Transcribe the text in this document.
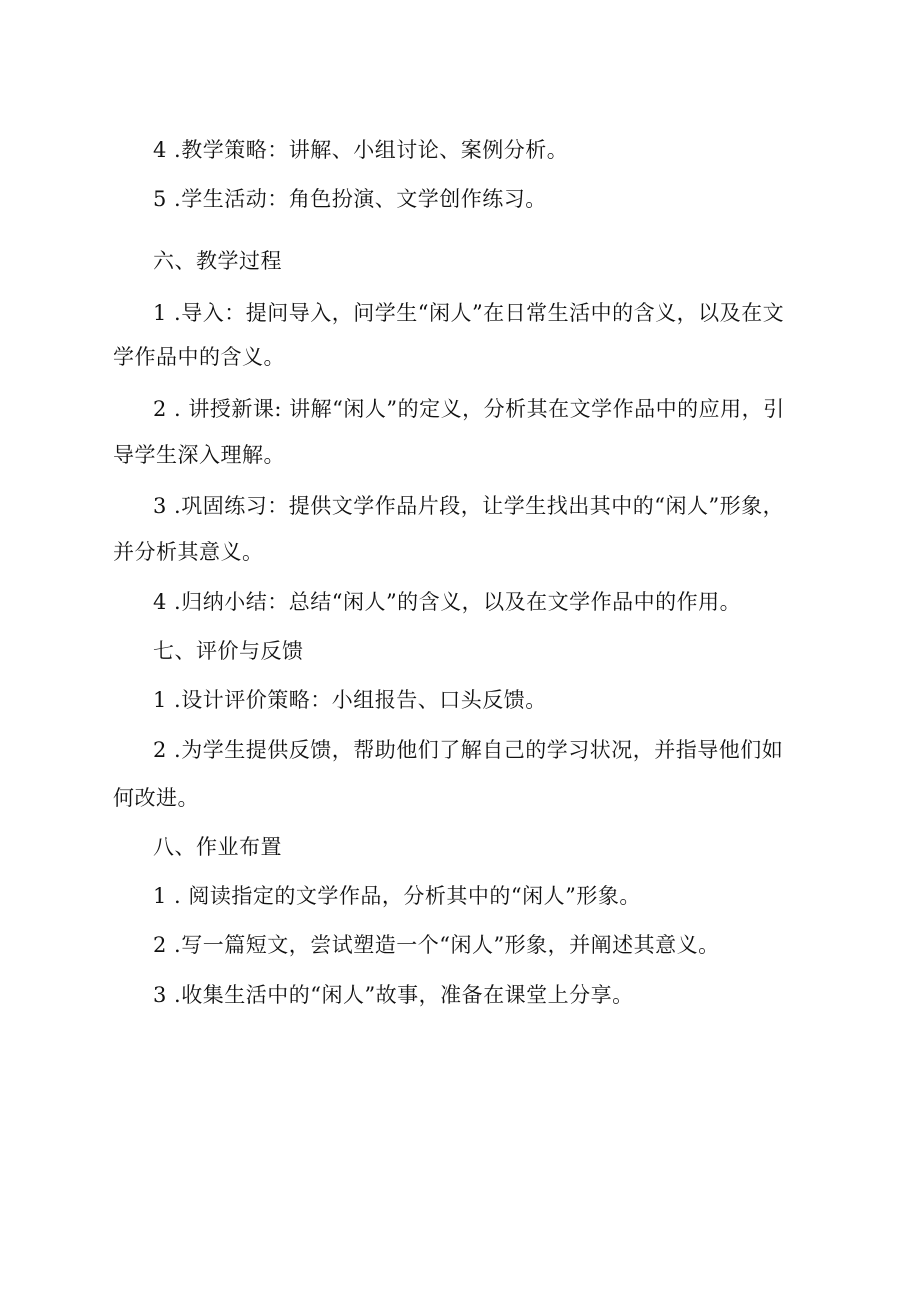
4 .教学策略：讲解、小组讨论、案例分析。
5 .学生活动：角色扮演、文学创作练习。
六、教学过程
1 .导入：提问导入，问学生“闲人”在日常生活中的含义，以及在文
学作品中的含义。
2 . 讲授新课: 讲解“闲人”的定义，分析其在文学作品中的应用，引
导学生深入理解。
3 .巩固练习：提供文学作品片段，让学生找出其中的“闲人”形象，
并分析其意义。
4 .归纳小结：总结“闲人”的含义，以及在文学作品中的作用。
七、评价与反馈
1 .设计评价策略：小组报告、口头反馈。
2 .为学生提供反馈，帮助他们了解自己的学习状况，并指导他们如
何改进。
八、作业布置
1 . 阅读指定的文学作品，分析其中的“闲人”形象。
2 .写一篇短文，尝试塑造一个“闲人”形象，并阐述其意义。
3 .收集生活中的“闲人”故事，准备在课堂上分享。
